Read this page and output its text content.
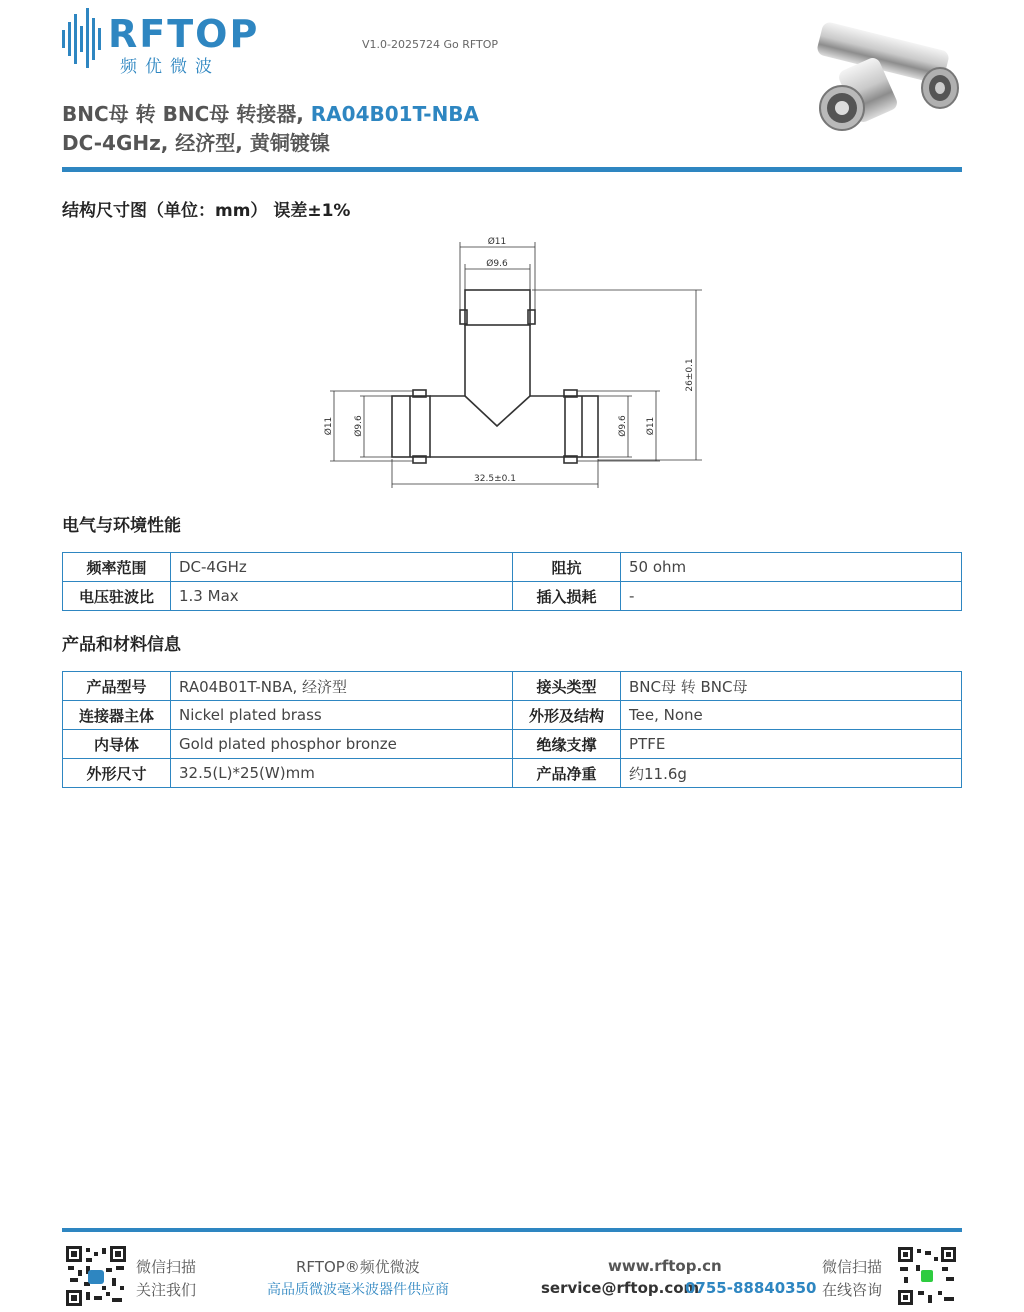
RFTOP
频优微波
V1.0-2025724 Go RFTOP
BNC母 转 BNC母 转接器, RA04B01T-NBA
DC-4GHz, 经济型, 黄铜镀镍
结构尺寸图（单位：mm） 误差±1%
Ø11
Ø9.6
26±0.1
Ø11 Ø9.6	Ø9.6 Ø11
32.5±0.1
电气与环境性能
频率范围	DC-4GHz	阻抗	50 ohm
电压驻波比	1.3 Max	插入损耗	-
产品和材料信息
产品型号	RA04B01T-NBA, 经济型	接头类型	BNC母 转 BNC母
连接器主体	Nickel plated brass	外形及结构	Tee, None
内导体	Gold plated phosphor bronze	绝缘支撑	PTFE
外形尺寸	32.5(L)*25(W)mm	产品净重	约11.6g
微信扫描
关注我们
RFTOP®频优微波
高品质微波毫米波器件供应商
www.rftop.cn
service@rftop.com
0755-88840350
微信扫描
在线咨询
